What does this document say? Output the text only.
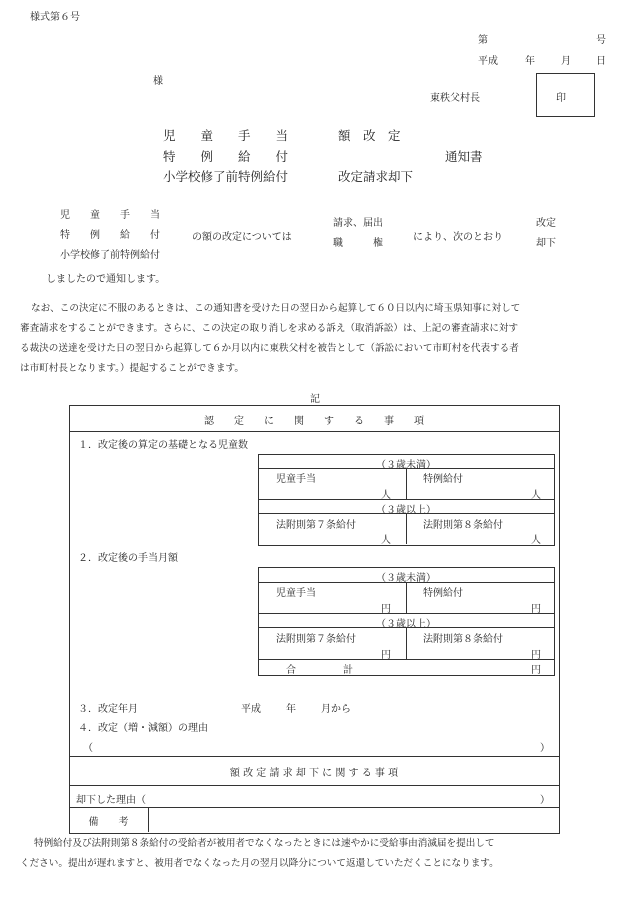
様式第６号
第	号
平成	年	月	日
様
東秩父村長	印
児　　童　　手　　当	額　改　定
特　　例　　給　　付	通知書
小学校修了前特例給付	改定請求却下
児　　童　　手　　当
特　　例　　給　　付
小学校修了前特例給付
の額の改定については
請求、届出
職　　　権
により、次のとおり
改定
却下
しましたので通知します。
なお、この決定に不服のあるときは、この通知書を受けた日の翌日から起算して６０日以内に埼玉県知事に対して
審査請求をすることができます。さらに、この決定の取り消しを求める訴え（取消訴訟）は、上記の審査請求に対す
る裁決の送達を受けた日の翌日から起算して６か月以内に東秩父村を被告として（訴訟において市町村を代表する者
は市町村長となります。）提起することができます。
記
認　　定　　に　　関　　す　　る　　事　　項
１．改定後の算定の基礎となる児童数
（３歳未満）
児童手当	特例給付
人	人
（３歳以上）
法附則第７条給付	法附則第８条給付
人	人
２．改定後の手当月額
（３歳未満）
児童手当	特例給付
円	円
（３歳以上）
法附則第７条給付	法附則第８条給付
円	円
合	計	円
３．改定年月	平成	年	月から
４．改定（増・減額）の理由
（	）
額 改 定 請 求 却 下 に 関 す る 事 項
却下した理由（	）
備　　考
特例給付及び法附則第８条給付の受給者が被用者でなくなったときには速やかに受給事由消滅届を提出して
ください。提出が遅れますと、被用者でなくなった月の翌月以降分について返還していただくことになります。
